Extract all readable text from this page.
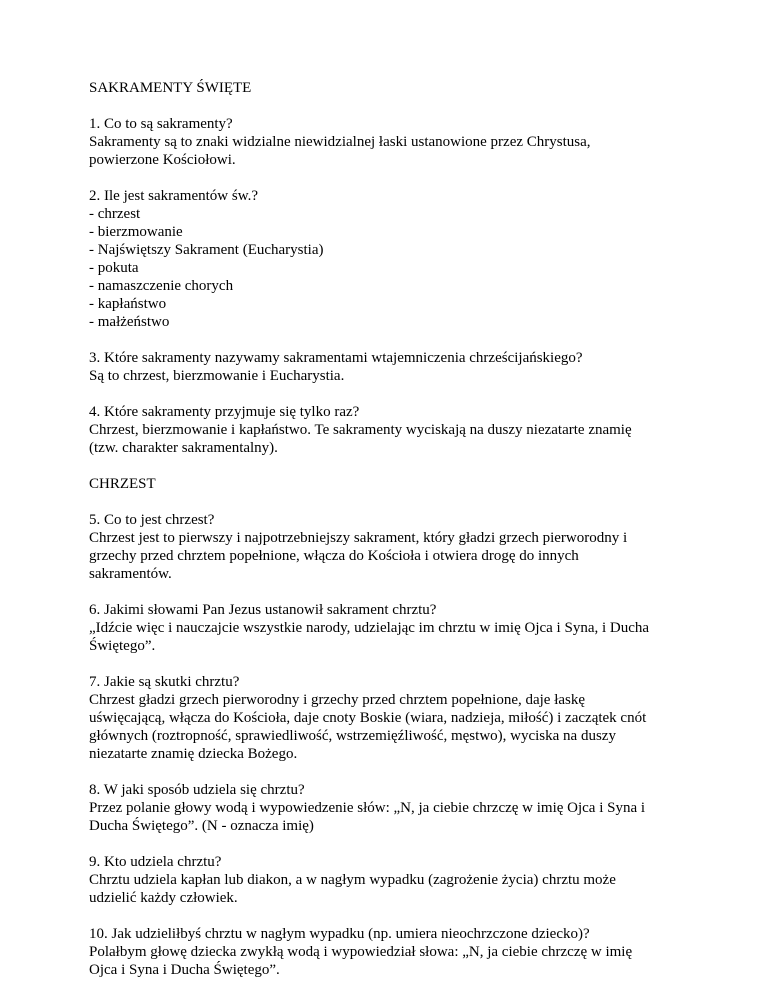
SAKRAMENTY ŚWIĘTE
1. Co to są sakramenty?
Sakramenty są to znaki widzialne niewidzialnej łaski ustanowione przez Chrystusa,
powierzone Kościołowi.
2. Ile jest sakramentów św.?
- chrzest
- bierzmowanie
- Najświętszy Sakrament (Eucharystia)
- pokuta
- namaszczenie chorych
- kapłaństwo
- małżeństwo
3. Które sakramenty nazywamy sakramentami wtajemniczenia chrześcijańskiego?
Są to chrzest, bierzmowanie i Eucharystia.
4. Które sakramenty przyjmuje się tylko raz?
Chrzest, bierzmowanie i kapłaństwo. Te sakramenty wyciskają na duszy niezatarte znamię
(tzw. charakter sakramentalny).
CHRZEST
5. Co to jest chrzest?
Chrzest jest to pierwszy i najpotrzebniejszy sakrament, który gładzi grzech pierworodny i
grzechy przed chrztem popełnione, włącza do Kościoła i otwiera drogę do innych
sakramentów.
6. Jakimi słowami Pan Jezus ustanowił sakrament chrztu?
„Idźcie więc i nauczajcie wszystkie narody, udzielając im chrztu w imię Ojca i Syna, i Ducha
Świętego”.
7. Jakie są skutki chrztu?
Chrzest gładzi grzech pierworodny i grzechy przed chrztem popełnione, daje łaskę
uświęcającą, włącza do Kościoła, daje cnoty Boskie (wiara, nadzieja, miłość) i zaczątek cnót
głównych (roztropność, sprawiedliwość, wstrzemięźliwość, męstwo), wyciska na duszy
niezatarte znamię dziecka Bożego.
8. W jaki sposób udziela się chrztu?
Przez polanie głowy wodą i wypowiedzenie słów: „N, ja ciebie chrzczę w imię Ojca i Syna i
Ducha Świętego”. (N - oznacza imię)
9. Kto udziela chrztu?
Chrztu udziela kapłan lub diakon, a w nagłym wypadku (zagrożenie życia) chrztu może
udzielić każdy człowiek.
10. Jak udzieliłbyś chrztu w nagłym wypadku (np. umiera nieochrzczone dziecko)?
Polałbym głowę dziecka zwykłą wodą i wypowiedział słowa: „N, ja ciebie chrzczę w imię
Ojca i Syna i Ducha Świętego”.
